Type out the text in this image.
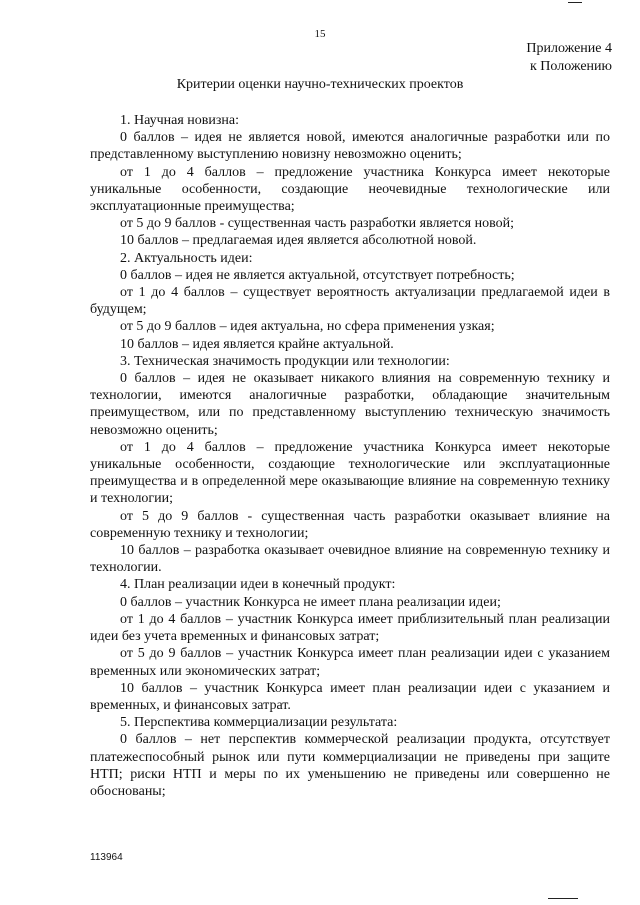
15
Приложение 4
к Положению
Критерии оценки научно-технических проектов

1. Научная новизна:

0 баллов – идея не является новой, имеются аналогичные разработки или по представленному выступлению новизну невозможно оценить;

от 1 до 4 баллов – предложение участника Конкурса имеет некоторые уникальные особенности, создающие неочевидные технологические или эксплуатационные преимущества;

от 5 до 9 баллов - существенная часть разработки является новой;

10 баллов – предлагаемая идея является абсолютной новой.

2. Актуальность идеи:

0 баллов – идея не является актуальной, отсутствует потребность;

от 1 до 4 баллов – существует вероятность актуализации предлагаемой идеи в будущем;

от 5 до 9 баллов – идея актуальна, но сфера применения узкая;

10 баллов – идея является крайне актуальной.

3. Техническая значимость продукции или технологии:

0 баллов – идея не оказывает никакого влияния на современную технику и технологии, имеются аналогичные разработки, обладающие значительным преимуществом, или по представленному выступлению техническую значимость невозможно оценить;

от 1 до 4 баллов – предложение участника Конкурса имеет некоторые уникальные особенности, создающие технологические или эксплуатационные преимущества и в определенной мере оказывающие влияние на современную технику и технологии;

от 5 до 9 баллов - существенная часть разработки оказывает влияние на современную технику и технологии;

10 баллов – разработка оказывает очевидное влияние на современную технику и технологии.

4. План реализации идеи в конечный продукт:

0 баллов – участник Конкурса не имеет плана реализации идеи;

от 1 до 4 баллов – участник Конкурса имеет приблизительный план реализации идеи без учета временных и финансовых затрат;

от 5 до 9 баллов – участник Конкурса имеет план реализации идеи с указанием временных или экономических затрат;

10 баллов – участник Конкурса имеет план реализации идеи с указанием и временных, и финансовых затрат.

5. Перспектива коммерциализации результата:

0 баллов – нет перспектив коммерческой реализации продукта, отсутствует платежеспособный рынок или пути коммерциализации не приведены при защите НТП; риски НТП и меры по их уменьшению не приведены или совершенно не обоснованы;

113964
